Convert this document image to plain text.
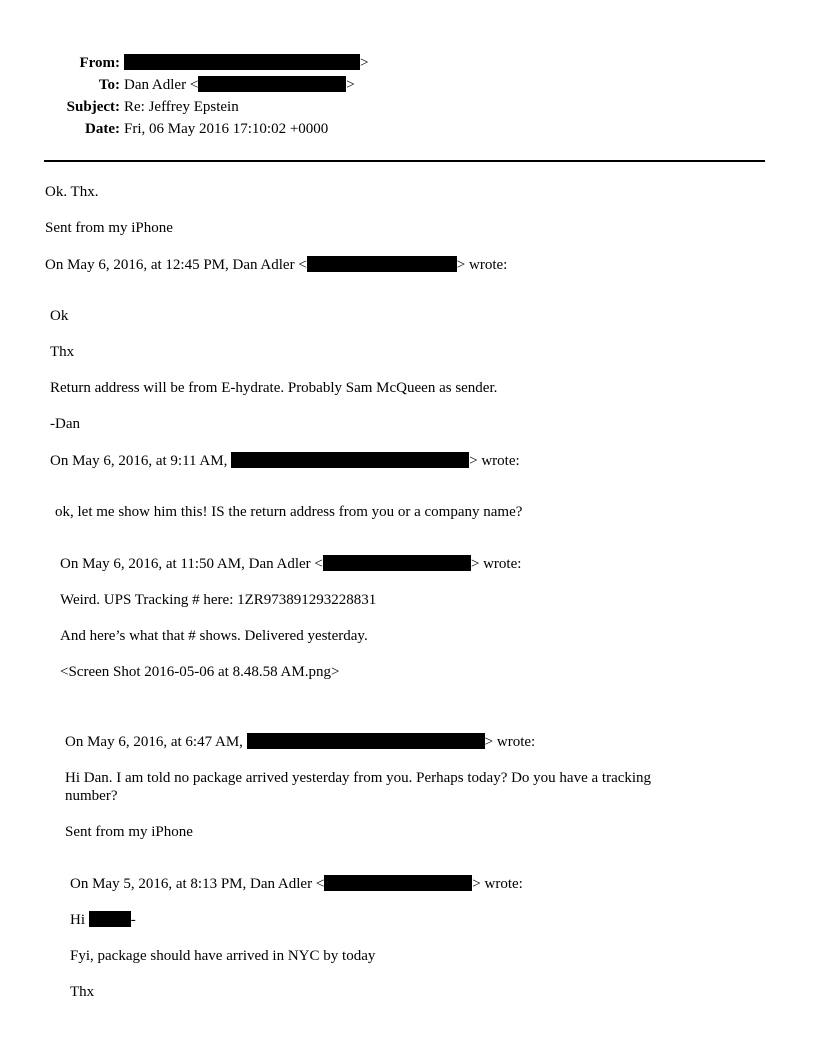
From:	>
To: Dan Adler <	>
Subject: Re: Jeffrey Epstein
Date: Fri, 06 May 2016 17:10:02 +0000
Ok. Thx.
Sent from my iPhone
On May 6, 2016, at 12:45 PM, Dan Adler <	> wrote:
Ok
Thx
Return address will be from E-hydrate. Probably Sam McQueen as sender.
-Dan
On May 6, 2016, at 9:11 AM,	> wrote:
ok, let me show him this! IS the return address from you or a company name?
On May 6, 2016, at 11:50 AM, Dan Adler <	> wrote:
Weird. UPS Tracking # here: 1ZR973891293228831
And here’s what that # shows. Delivered yesterday.
<Screen Shot 2016-05-06 at 8.48.58 AM.png>
On May 6, 2016, at 6:47 AM,	> wrote:
Hi Dan. I am told no package arrived yesterday from you. Perhaps today? Do you have a tracking number?
Sent from my iPhone
On May 5, 2016, at 8:13 PM, Dan Adler <	> wrote:
Hi	-
Fyi, package should have arrived in NYC by today
Thx
